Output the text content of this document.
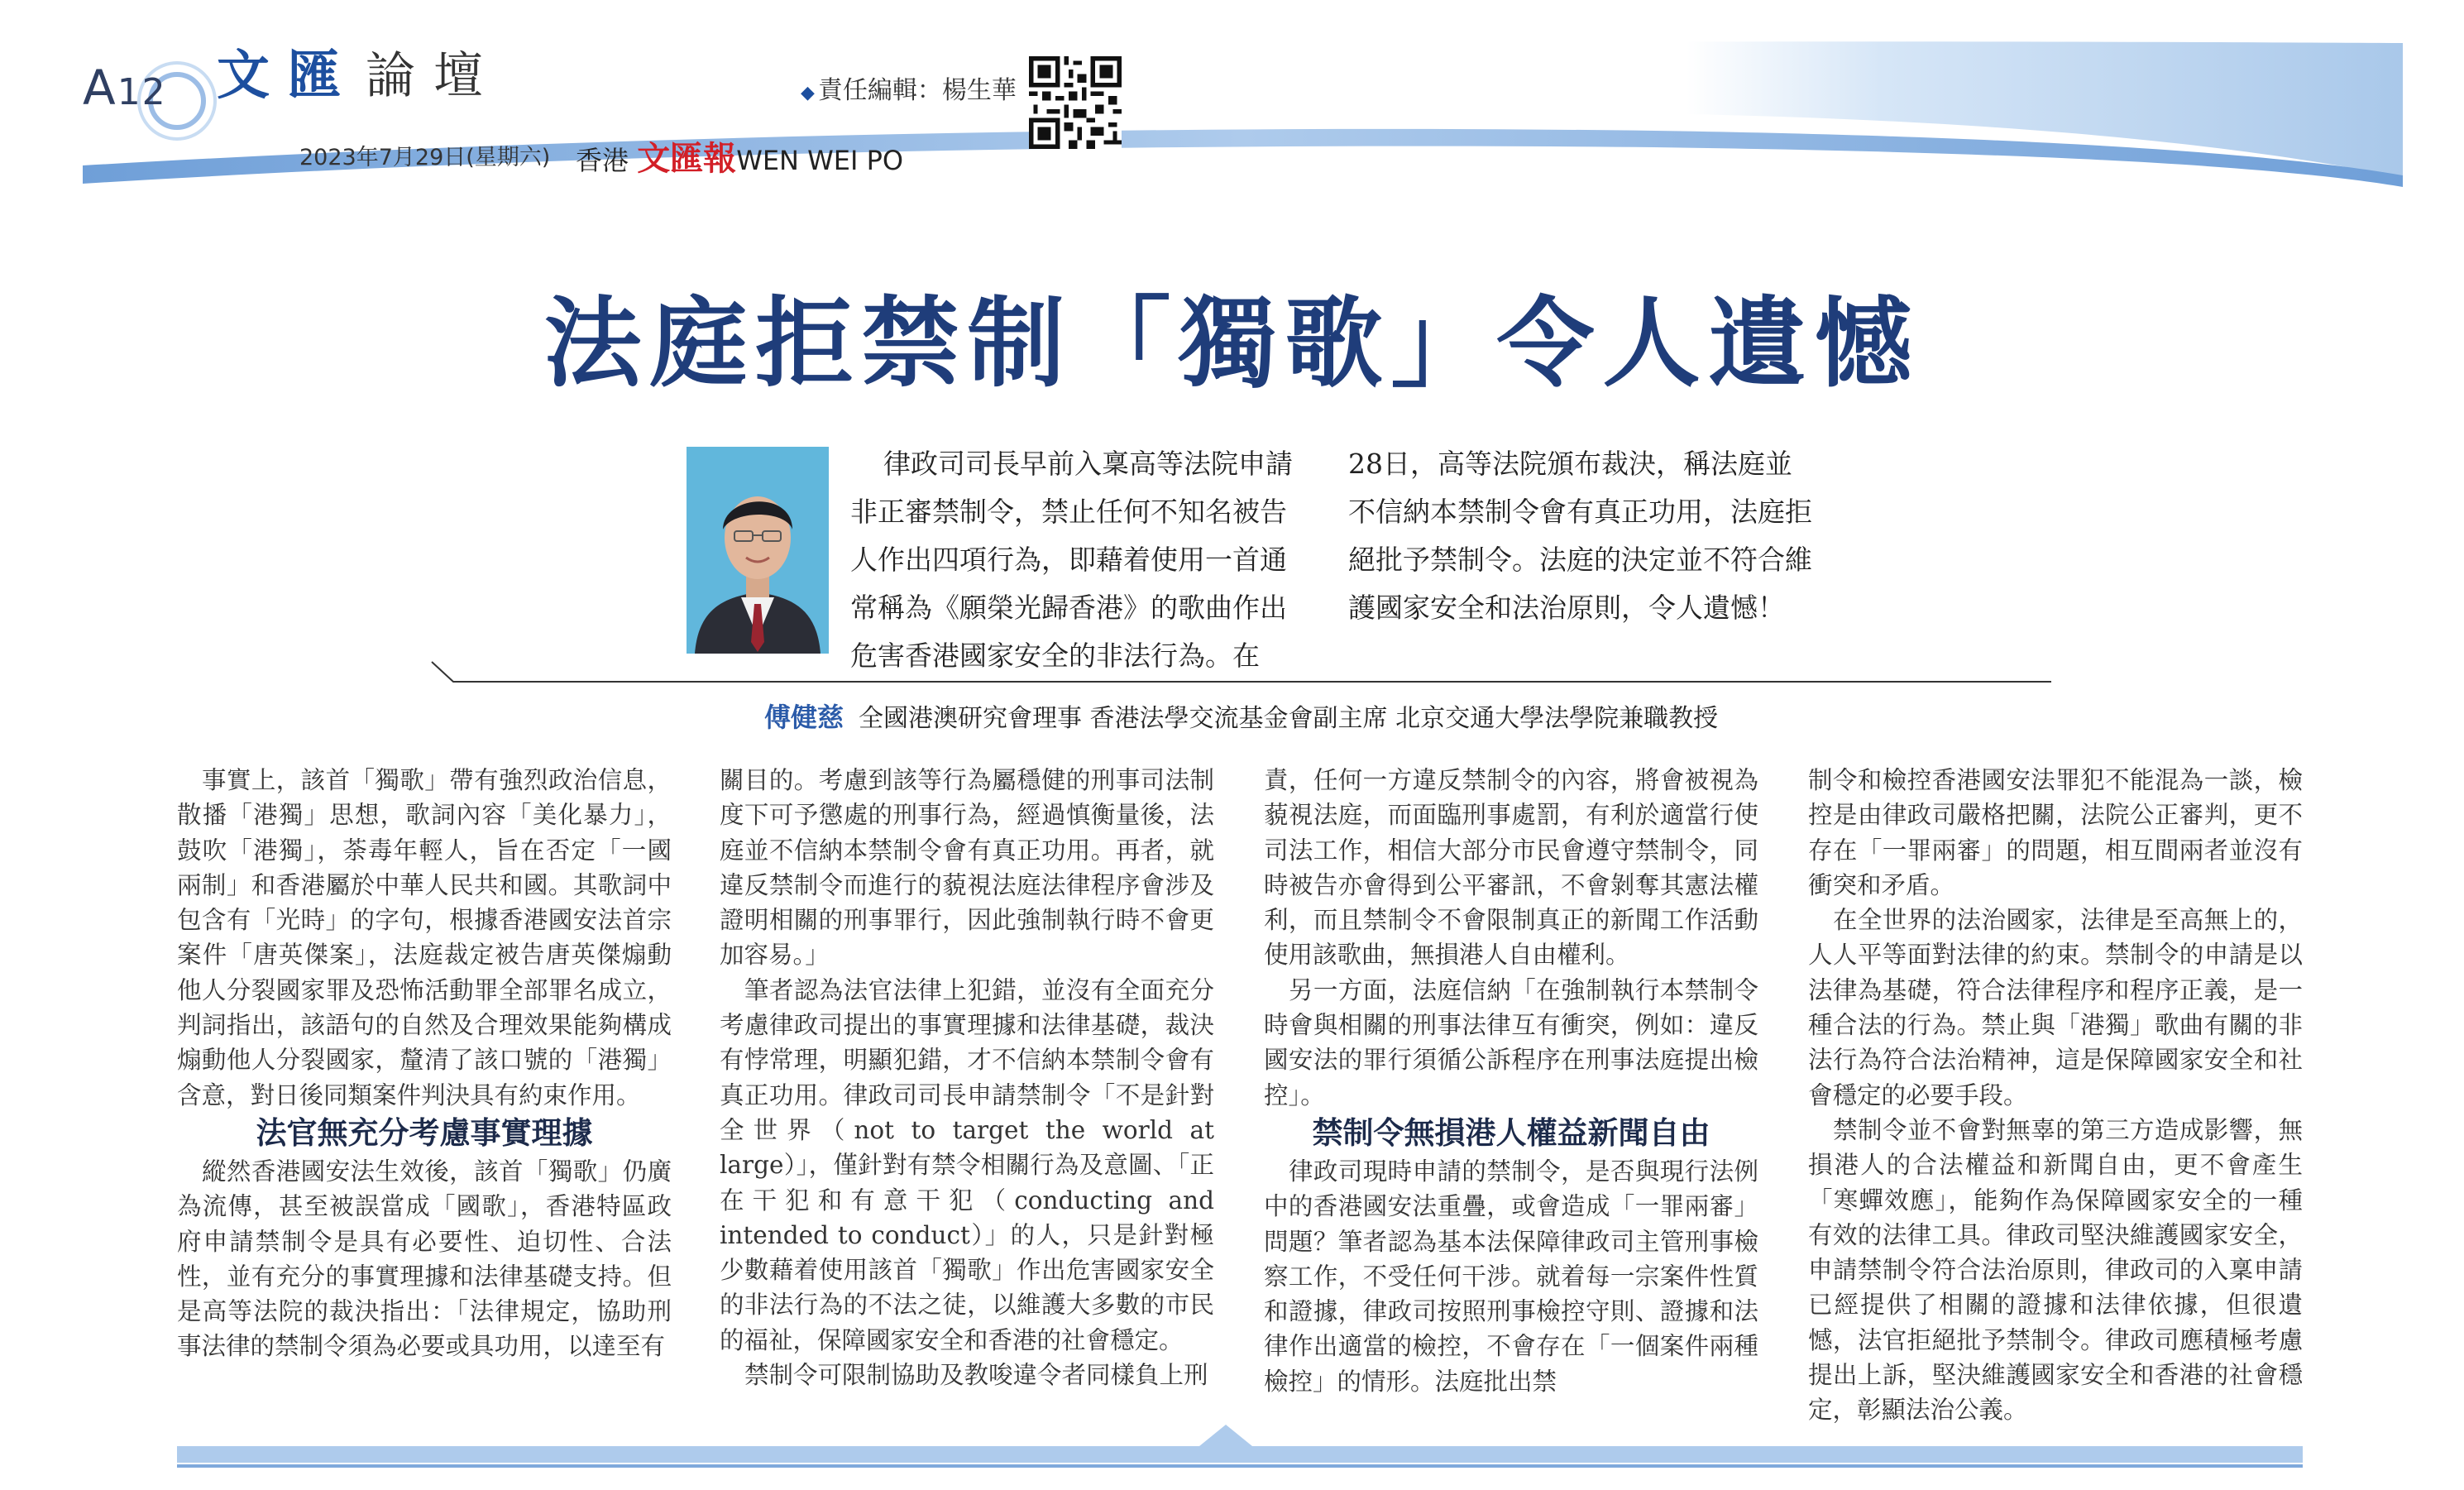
A12 文匯 論壇	◆ 責任編輯：楊生華
2023年7月29日(星期六) 香港 文匯報WEN WEI PO
法庭拒禁制「獨歌」令人遺憾
律政司司長早前入稟高等法院申請非正審禁制令，禁止任何不知名被告人作出四項行為，即藉着使用一首通常稱為《願榮光歸香港》的歌曲作出危害香港國家安全的非法行為。在
28日，高等法院頒布裁決，稱法庭並不信納本禁制令會有真正功用，法庭拒絕批予禁制令。法庭的決定並不符合維護國家安全和法治原則，令人遺憾！
傅健慈 全國港澳研究會理事 香港法學交流基金會副主席 北京交通大學法學院兼職教授

事實上，該首「獨歌」帶有強烈政治信息，散播「港獨」思想，歌詞內容「美化暴力」，鼓吹「港獨」，荼毒年輕人，旨在否定「一國兩制」和香港屬於中華人民共和國。其歌詞中包含有「光時」的字句，根據香港國安法首宗案件「唐英傑案」，法庭裁定被告唐英傑煽動他人分裂國家罪及恐怖活動罪全部罪名成立，判詞指出，該語句的自然及合理效果能夠構成煽動他人分裂國家，釐清了該口號的「港獨」含意，對日後同類案件判決具有約束作用。

法官無充分考慮事實理據

縱然香港國安法生效後，該首「獨歌」仍廣為流傳，甚至被誤當成「國歌」，香港特區政府申請禁制令是具有必要性、迫切性、合法性，並有充分的事實理據和法律基礎支持。但是高等法院的裁決指出：「法律規定，協助刑事法律的禁制令須為必要或具功用，以達至有

關目的。考慮到該等行為屬穩健的刑事司法制度下可予懲處的刑事行為，經過慎衡量後，法庭並不信納本禁制令會有真正功用。再者，就違反禁制令而進行的藐視法庭法律程序會涉及證明相關的刑事罪行，因此強制執行時不會更加容易。」

筆者認為法官法律上犯錯，並沒有全面充分考慮律政司提出的事實理據和法律基礎，裁決有悖常理，明顯犯錯，才不信納本禁制令會有真正功用。律政司司長申請禁制令「不是針對全世界（not to target the world at large）」，僅針對有禁令相關行為及意圖、「正在干犯和有意干犯（conducting and intended to conduct）」的人，只是針對極少數藉着使用該首「獨歌」作出危害國家安全的非法行為的不法之徒，以維護大多數的市民的福祉，保障國家安全和香港的社會穩定。

禁制令可限制協助及教唆違令者同樣負上刑

責，任何一方違反禁制令的內容，將會被視為藐視法庭，而面臨刑事處罰，有利於適當行使司法工作，相信大部分市民會遵守禁制令，同時被告亦會得到公平審訊，不會剝奪其憲法權利，而且禁制令不會限制真正的新聞工作活動使用該歌曲，無損港人自由權利。

另一方面，法庭信納「在強制執行本禁制令時會與相關的刑事法律互有衝突，例如：違反國安法的罪行須循公訴程序在刑事法庭提出檢控」。

禁制令無損港人權益新聞自由

律政司現時申請的禁制令，是否與現行法例中的香港國安法重疊，或會造成「一罪兩審」問題？筆者認為基本法保障律政司主管刑事檢察工作，不受任何干涉。就着每一宗案件性質和證據，律政司按照刑事檢控守則、證據和法律作出適當的檢控，不會存在「一個案件兩種檢控」的情形。法庭批出禁

制令和檢控香港國安法罪犯不能混為一談，檢控是由律政司嚴格把關，法院公正審判，更不存在「一罪兩審」的問題，相互間兩者並沒有衝突和矛盾。

在全世界的法治國家，法律是至高無上的，人人平等面對法律的約束。禁制令的申請是以法律為基礎，符合法律程序和程序正義，是一種合法的行為。禁止與「港獨」歌曲有關的非法行為符合法治精神，這是保障國家安全和社會穩定的必要手段。

禁制令並不會對無辜的第三方造成影響，無損港人的合法權益和新聞自由，更不會產生「寒蟬效應」，能夠作為保障國家安全的一種有效的法律工具。律政司堅決維護國家安全，申請禁制令符合法治原則，律政司的入稟申請已經提供了相關的證據和法律依據，但很遺憾，法官拒絕批予禁制令。律政司應積極考慮提出上訴，堅決維護國家安全和香港的社會穩定，彰顯法治公義。
